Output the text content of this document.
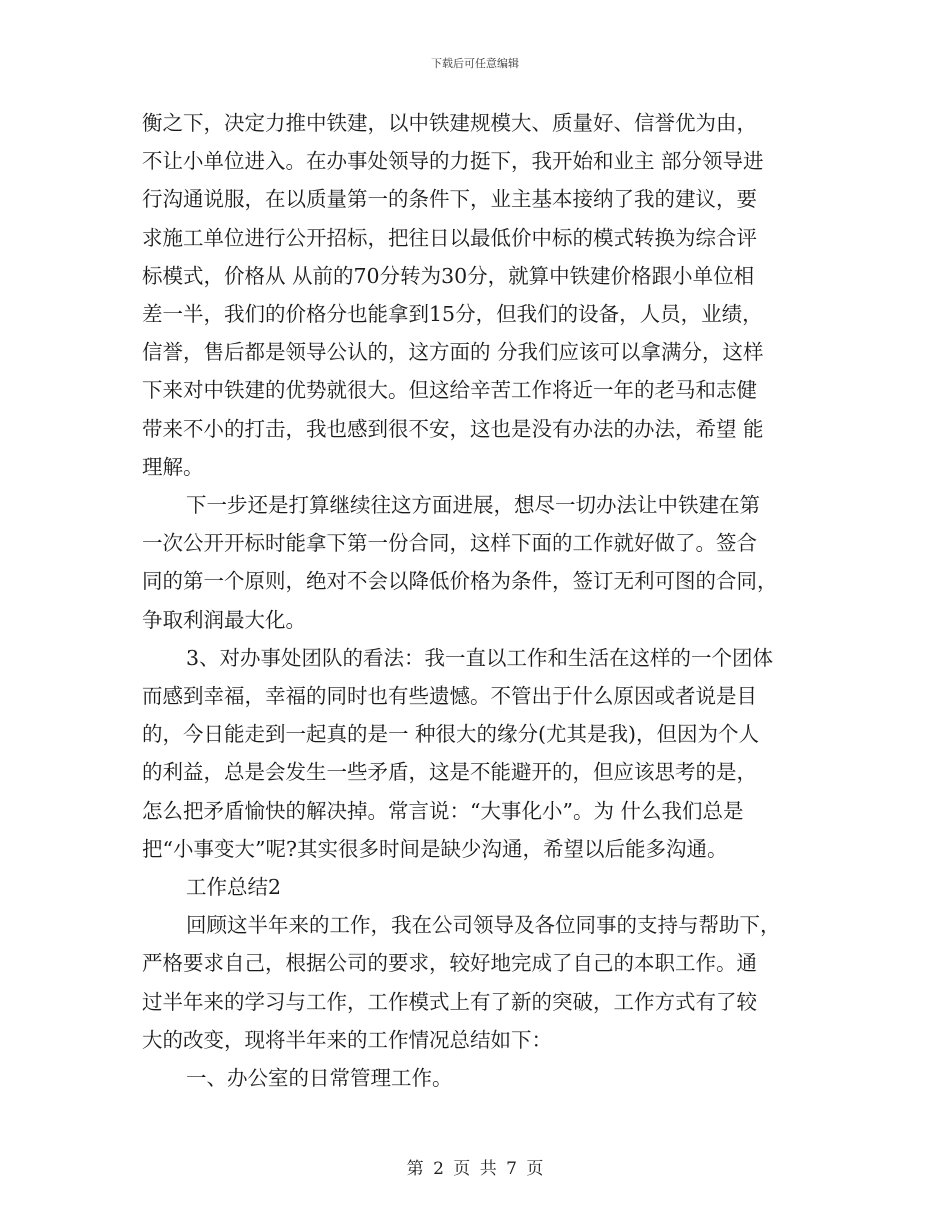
下载后可任意编辑

衡之下，决定力推中铁建，以中铁建规模大、质量好、信誉优为由，

不让小单位进入。在办事处领导的力挺下，我开始和业主 部分领导进

行沟通说服，在以质量第一的条件下，业主基本接纳了我的建议，要

求施工单位进行公开招标，把往日以最低价中标的模式转换为综合评

标模式，价格从 从前的70分转为30分，就算中铁建价格跟小单位相

差一半，我们的价格分也能拿到15分，但我们的设备，人员，业绩，

信誉，售后都是领导公认的，这方面的 分我们应该可以拿满分，这样

下来对中铁建的优势就很大。但这给辛苦工作将近一年的老马和志健

带来不小的打击，我也感到很不安，这也是没有办法的办法，希望 能

理解。

下一步还是打算继续往这方面进展，想尽一切办法让中铁建在第

一次公开开标时能拿下第一份合同，这样下面的工作就好做了。签合

同的第一个原则，绝对不会以降低价格为条件，签订无利可图的合同，

争取利润最大化。

3、对办事处团队的看法：我一直以工作和生活在这样的一个团体

而感到幸福，幸福的同时也有些遗憾。不管出于什么原因或者说是目

的，今日能走到一起真的是一 种很大的缘分(尤其是我)，但因为个人

的利益，总是会发生一些矛盾，这是不能避开的，但应该思考的是，

怎么把矛盾愉快的解决掉。常言说：“大事化小”。为 什么我们总是

把“小事变大”呢?其实很多时间是缺少沟通，希望以后能多沟通。

工作总结2

回顾这半年来的工作，我在公司领导及各位同事的支持与帮助下，

严格要求自己，根据公司的要求，较好地完成了自己的本职工作。通

过半年来的学习与工作，工作模式上有了新的突破，工作方式有了较

大的改变，现将半年来的工作情况总结如下：

一、办公室的日常管理工作。

第 2 页 共 7 页
